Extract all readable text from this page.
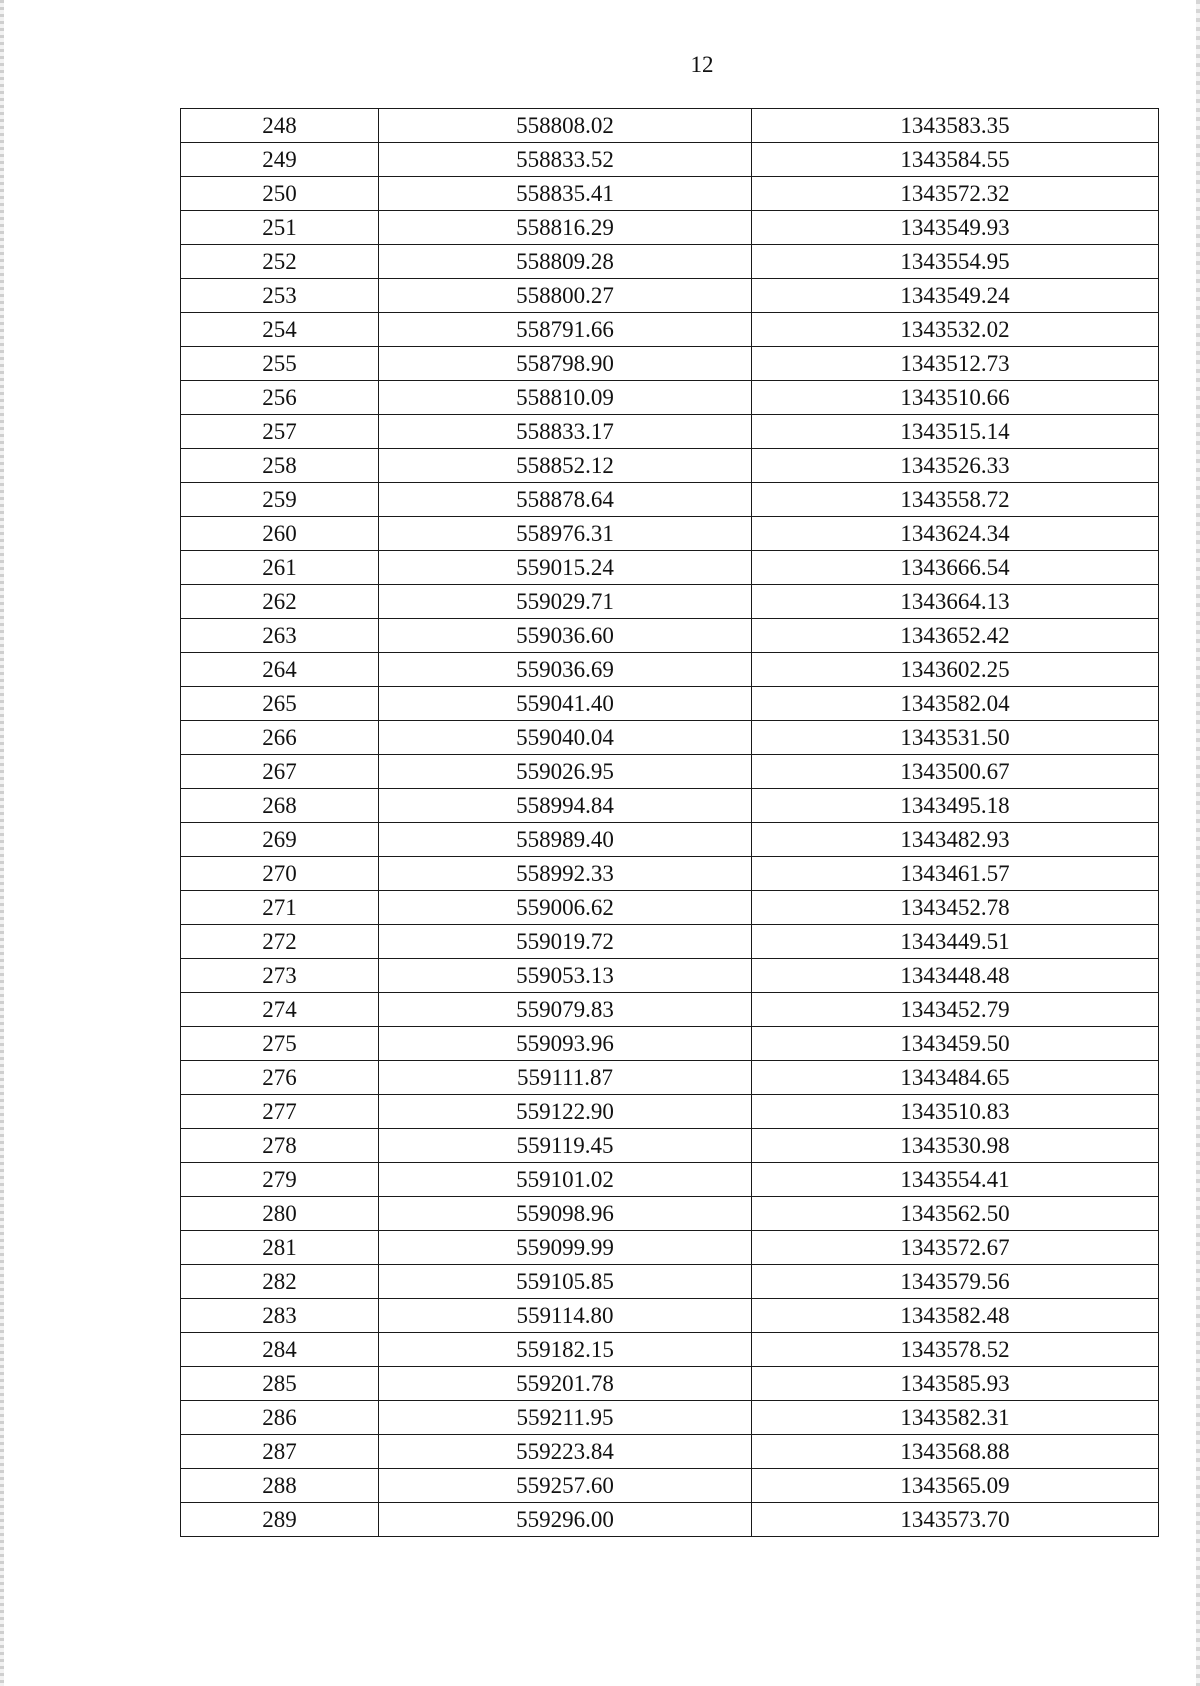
12
248	558808.02	1343583.35
249	558833.52	1343584.55
250	558835.41	1343572.32
251	558816.29	1343549.93
252	558809.28	1343554.95
253	558800.27	1343549.24
254	558791.66	1343532.02
255	558798.90	1343512.73
256	558810.09	1343510.66
257	558833.17	1343515.14
258	558852.12	1343526.33
259	558878.64	1343558.72
260	558976.31	1343624.34
261	559015.24	1343666.54
262	559029.71	1343664.13
263	559036.60	1343652.42
264	559036.69	1343602.25
265	559041.40	1343582.04
266	559040.04	1343531.50
267	559026.95	1343500.67
268	558994.84	1343495.18
269	558989.40	1343482.93
270	558992.33	1343461.57
271	559006.62	1343452.78
272	559019.72	1343449.51
273	559053.13	1343448.48
274	559079.83	1343452.79
275	559093.96	1343459.50
276	559111.87	1343484.65
277	559122.90	1343510.83
278	559119.45	1343530.98
279	559101.02	1343554.41
280	559098.96	1343562.50
281	559099.99	1343572.67
282	559105.85	1343579.56
283	559114.80	1343582.48
284	559182.15	1343578.52
285	559201.78	1343585.93
286	559211.95	1343582.31
287	559223.84	1343568.88
288	559257.60	1343565.09
289	559296.00	1343573.70
